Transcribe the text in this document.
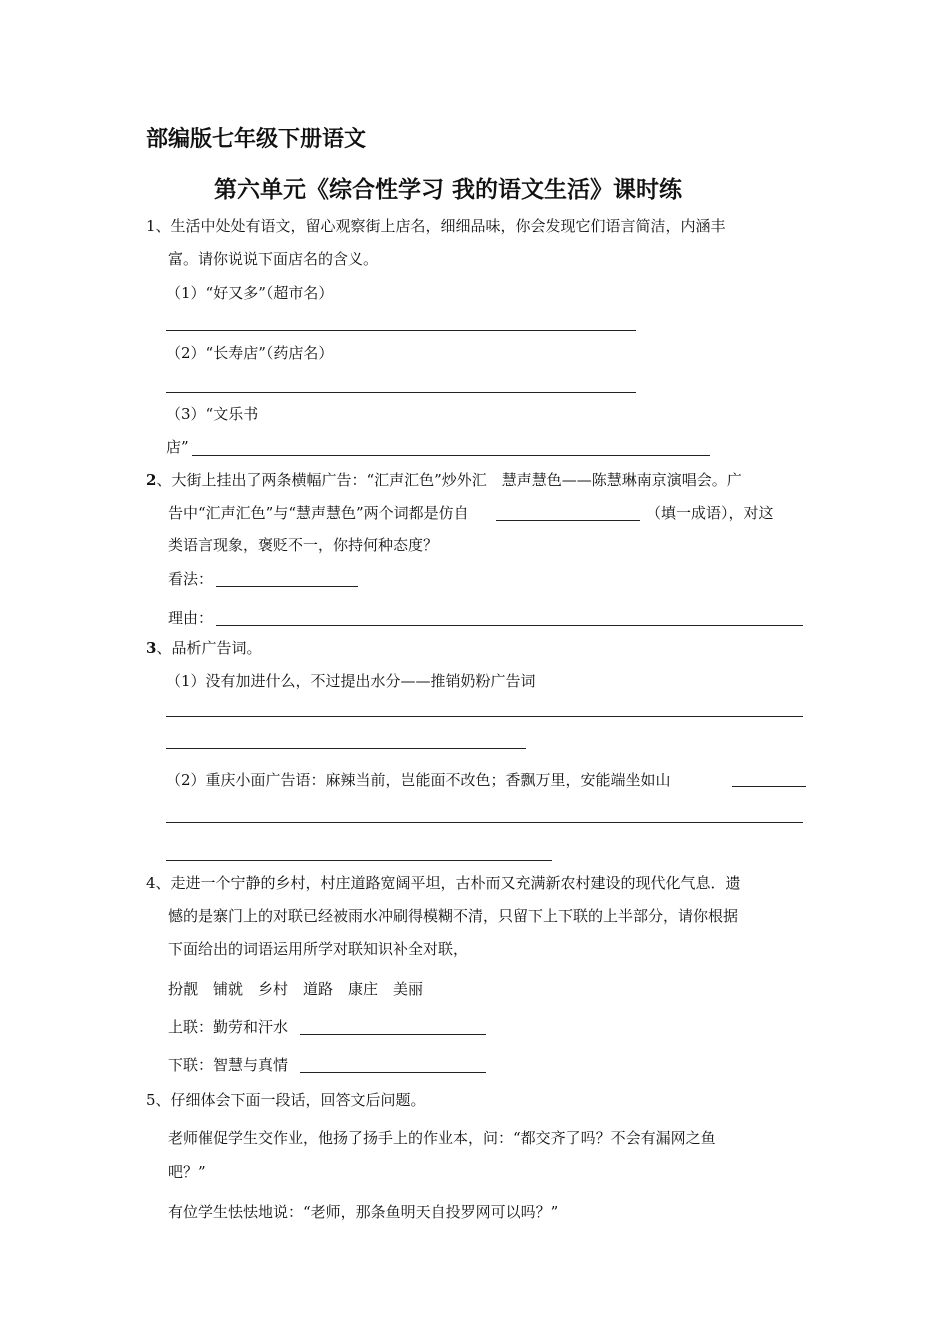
部编版七年级下册语文
第六单元《综合性学习 我的语文生活》课时练
1、生活中处处有语文，留心观察街上店名，细细品味，你会发现它们语言简洁，内涵丰
富。请你说说下面店名的含义。
（1）“好又多”（超市名）
（2）“长寿店”（药店名）
（3）“文乐书
店”
2、大街上挂出了两条横幅广告：“汇声汇色”炒外汇　慧声慧色——陈慧琳南京演唱会。广
告中“汇声汇色”与“慧声慧色”两个词都是仿自	（填一成语），对这
类语言现象，褒贬不一，你持何种态度？
看法：
理由：
3、品析广告词。
（1）没有加进什么，不过提出水分——推销奶粉广告词
（2）重庆小面广告语：麻辣当前，岂能面不改色；香飘万里，安能端坐如山
4、走进一个宁静的乡村，村庄道路宽阔平坦，古朴而又充满新农村建设的现代化气息．遗
憾的是寨门上的对联已经被雨水冲刷得模糊不清，只留下上下联的上半部分，请你根据
下面给出的词语运用所学对联知识补全对联，
扮靓　铺就　乡村　道路　康庄　美丽
上联：勤劳和汗水
下联：智慧与真情
5、仔细体会下面一段话，回答文后问题。
老师催促学生交作业，他扬了扬手上的作业本，问：“都交齐了吗？不会有漏网之鱼
吧？”
有位学生怯怯地说：“老师，那条鱼明天自投罗网可以吗？”
